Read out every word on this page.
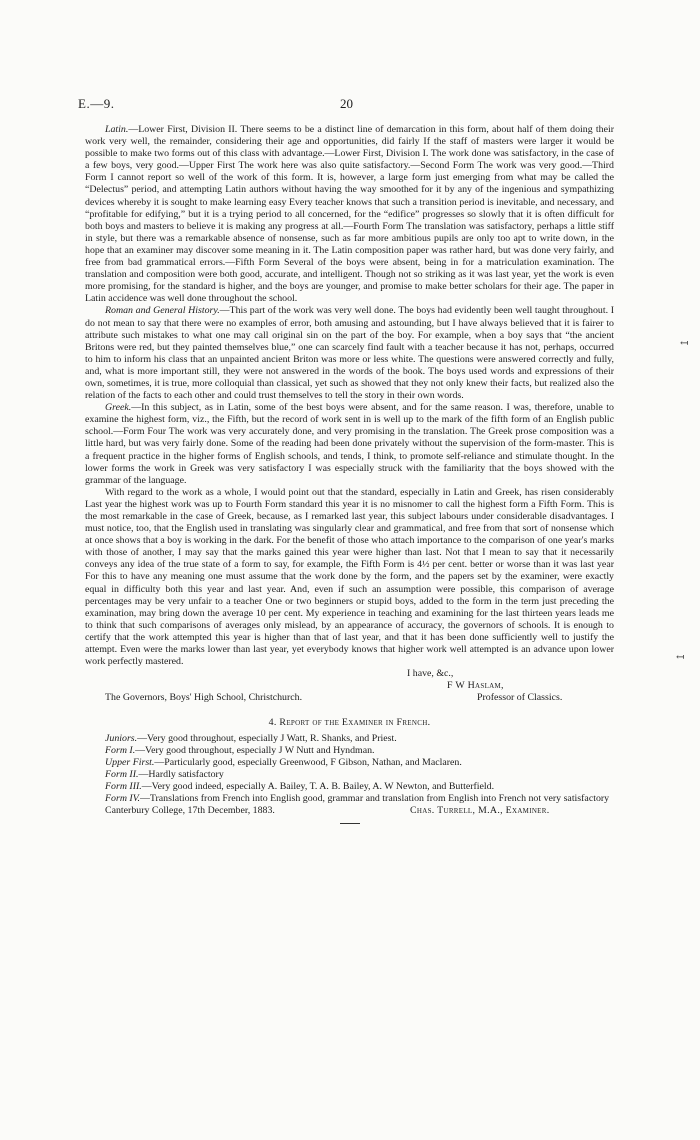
E.—9.	20
↤
↤

Latin.—Lower First, Division II. There seems to be a distinct line of demarcation in this form, about half of them doing their work very well, the remainder, considering their age and opportunities, did fairly If the staff of masters were larger it would be possible to make two forms out of this class with advantage.—Lower First, Division I. The work done was satisfactory, in the case of a few boys, very good.—Upper First The work here was also quite satisfactory.—Second Form The work was very good.—Third Form I cannot report so well of the work of this form. It is, however, a large form just emerging from what may be called the “Delectus” period, and attempting Latin authors without having the way smoothed for it by any of the ingenious and sympathizing devices whereby it is sought to make learning easy Every teacher knows that such a transition period is inevitable, and necessary, and “profitable for edifying,” but it is a trying period to all concerned, for the “edifice” progresses so slowly that it is often difficult for both boys and masters to believe it is making any progress at all.—Fourth Form The translation was satisfactory, perhaps a little stiff in style, but there was a remarkable absence of nonsense, such as far more ambitious pupils are only too apt to write down, in the hope that an examiner may discover some meaning in it. The Latin composition paper was rather hard, but was done very fairly, and free from bad grammatical errors.—Fifth Form Several of the boys were absent, being in for a matriculation examination. The translation and composition were both good, accurate, and intelligent. Though not so striking as it was last year, yet the work is even more promising, for the standard is higher, and the boys are younger, and promise to make better scholars for their age. The paper in Latin accidence was well done throughout the school.

Roman and General History.—This part of the work was very well done. The boys had evidently been well taught throughout. I do not mean to say that there were no examples of error, both amusing and astounding, but I have always believed that it is fairer to attribute such mistakes to what one may call original sin on the part of the boy. For example, when a boy says that “the ancient Britons were red, but they painted themselves blue,” one can scarcely find fault with a teacher because it has not, perhaps, occurred to him to inform his class that an unpainted ancient Briton was more or less white. The questions were answered correctly and fully, and, what is more important still, they were not answered in the words of the book. The boys used words and expressions of their own, sometimes, it is true, more colloquial than classical, yet such as showed that they not only knew their facts, but realized also the relation of the facts to each other and could trust themselves to tell the story in their own words.

Greek.—In this subject, as in Latin, some of the best boys were absent, and for the same reason. I was, therefore, unable to examine the highest form, viz., the Fifth, but the record of work sent in is well up to the mark of the fifth form of an English public school.—Form Four The work was very accurately done, and very promising in the translation. The Greek prose composition was a little hard, but was very fairly done. Some of the reading had been done privately without the supervision of the form-master. This is a frequent practice in the higher forms of English schools, and tends, I think, to promote self-reliance and stimulate thought. In the lower forms the work in Greek was very satisfactory I was especially struck with the familiarity that the boys showed with the grammar of the language.

With regard to the work as a whole, I would point out that the standard, especially in Latin and Greek, has risen considerably Last year the highest work was up to Fourth Form standard this year it is no misnomer to call the highest form a Fifth Form. This is the most remarkable in the case of Greek, because, as I remarked last year, this subject labours under considerable disadvantages. I must notice, too, that the English used in translating was singularly clear and grammatical, and free from that sort of nonsense which at once shows that a boy is working in the dark. For the benefit of those who attach importance to the comparison of one year's marks with those of another, I may say that the marks gained this year were higher than last. Not that I mean to say that it necessarily conveys any idea of the true state of a form to say, for example, the Fifth Form is 4½ per cent. better or worse than it was last year For this to have any meaning one must assume that the work done by the form, and the papers set by the examiner, were exactly equal in difficulty both this year and last year. And, even if such an assumption were possible, this comparison of average percentages may be very unfair to a teacher One or two beginners or stupid boys, added to the form in the term just preceding the examination, may bring down the average 10 per cent. My experience in teaching and examining for the last thirteen years leads me to think that such comparisons of averages only mislead, by an appearance of accuracy, the governors of schools. It is enough to certify that the work attempted this year is higher than that of last year, and that it has been done sufficiently well to justify the attempt. Even were the marks lower than last year, yet everybody knows that higher work well attempted is an advance upon lower work perfectly mastered.

I have, &c.,
F W Haslam,
The Governors, Boys' High School, Christchurch.	Professor of Classics.
4. Report of the Examiner in French.

Juniors.—Very good throughout, especially J Watt, R. Shanks, and Priest.

Form I.—Very good throughout, especially J W Nutt and Hyndman.

Upper First.—Particularly good, especially Greenwood, F Gibson, Nathan, and Maclaren.

Form II.—Hardly satisfactory

Form III.—Very good indeed, especially A. Bailey, T. A. B. Bailey, A. W Newton, and Butterfield.

Form IV.—Translations from French into English good, grammar and translation from English into French not very satisfactory

Canterbury College, 17th December, 1883.	Chas. Turrell, M.A., Examiner.
